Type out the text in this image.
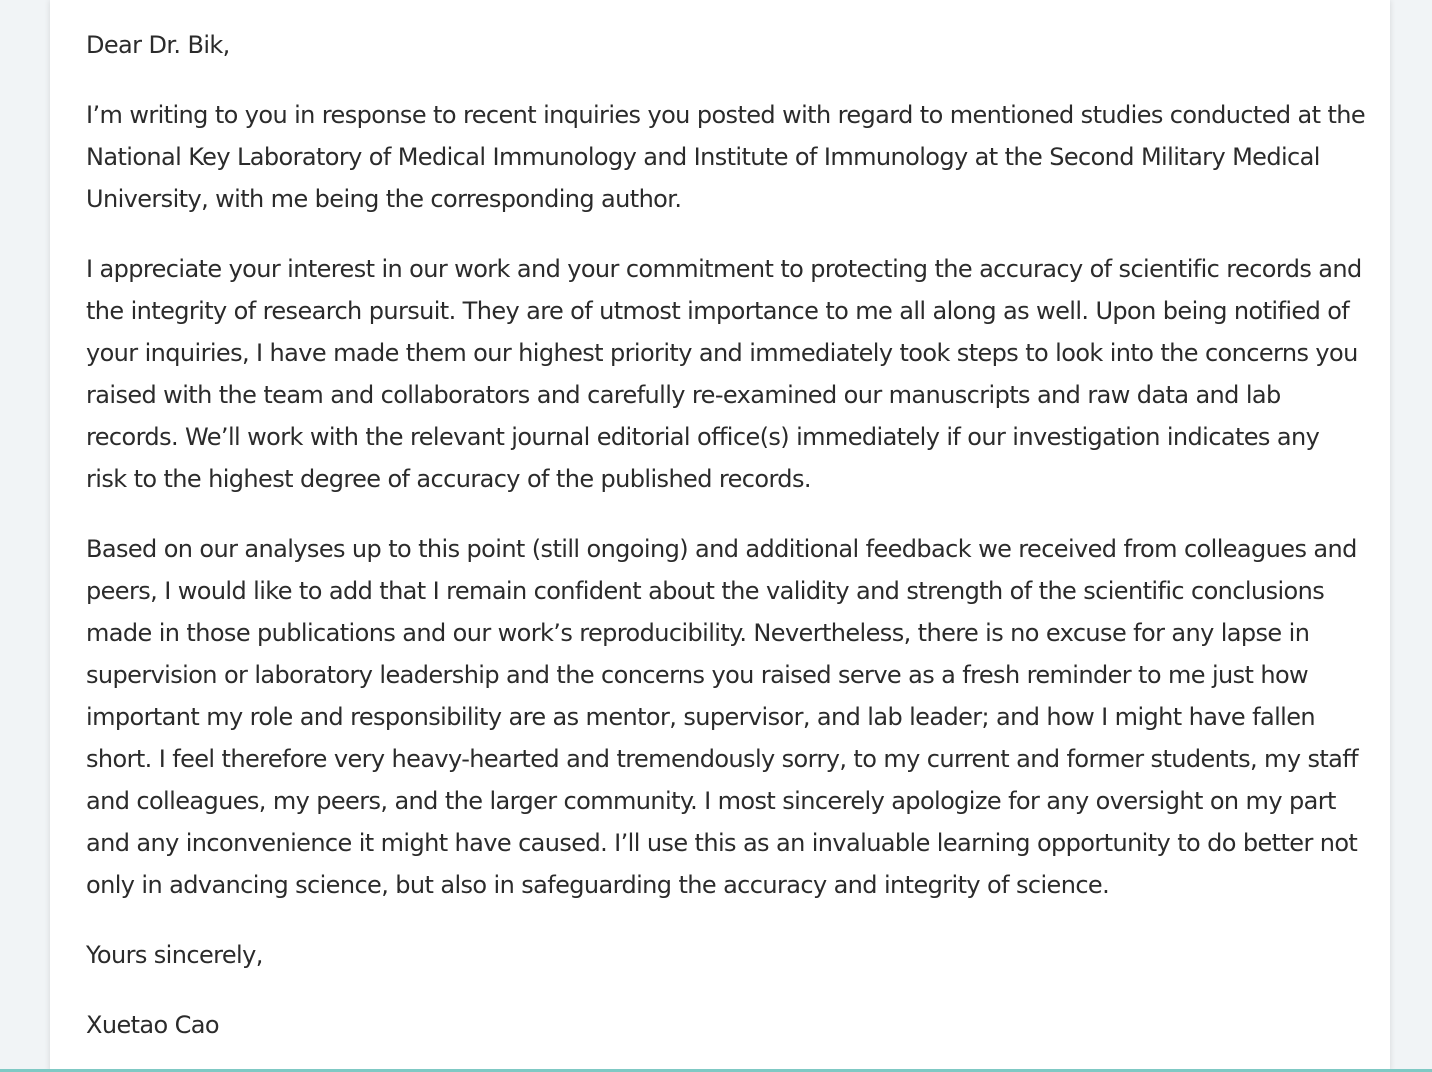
Dear Dr. Bik,

I’m writing to you in response to recent inquiries you posted with regard to mentioned studies conducted at the National Key Laboratory of Medical Immunology and Institute of Immunology at the Second Military Medical University, with me being the corresponding author.

I appreciate your interest in our work and your commitment to protecting the accuracy of scientific records and the integrity of research pursuit. They are of utmost importance to me all along as well. Upon being notified of your inquiries, I have made them our highest priority and immediately took steps to look into the concerns you raised with the team and collaborators and carefully re-examined our manuscripts and raw data and lab records. We’ll work with the relevant journal editorial office(s) immediately if our investigation indicates any risk to the highest degree of accuracy of the published records.

Based on our analyses up to this point (still ongoing) and additional feedback we received from colleagues and peers, I would like to add that I remain confident about the validity and strength of the scientific conclusions made in those publications and our work’s reproducibility. Nevertheless, there is no excuse for any lapse in supervision or laboratory leadership and the concerns you raised serve as a fresh reminder to me just how important my role and responsibility are as mentor, supervisor, and lab leader; and how I might have fallen short. I feel therefore very heavy-hearted and tremendously sorry, to my current and former students, my staff and colleagues, my peers, and the larger community. I most sincerely apologize for any oversight on my part and any inconvenience it might have caused. I’ll use this as an invaluable learning opportunity to do better not only in advancing science, but also in safeguarding the accuracy and integrity of science.

Yours sincerely,

Xuetao Cao
